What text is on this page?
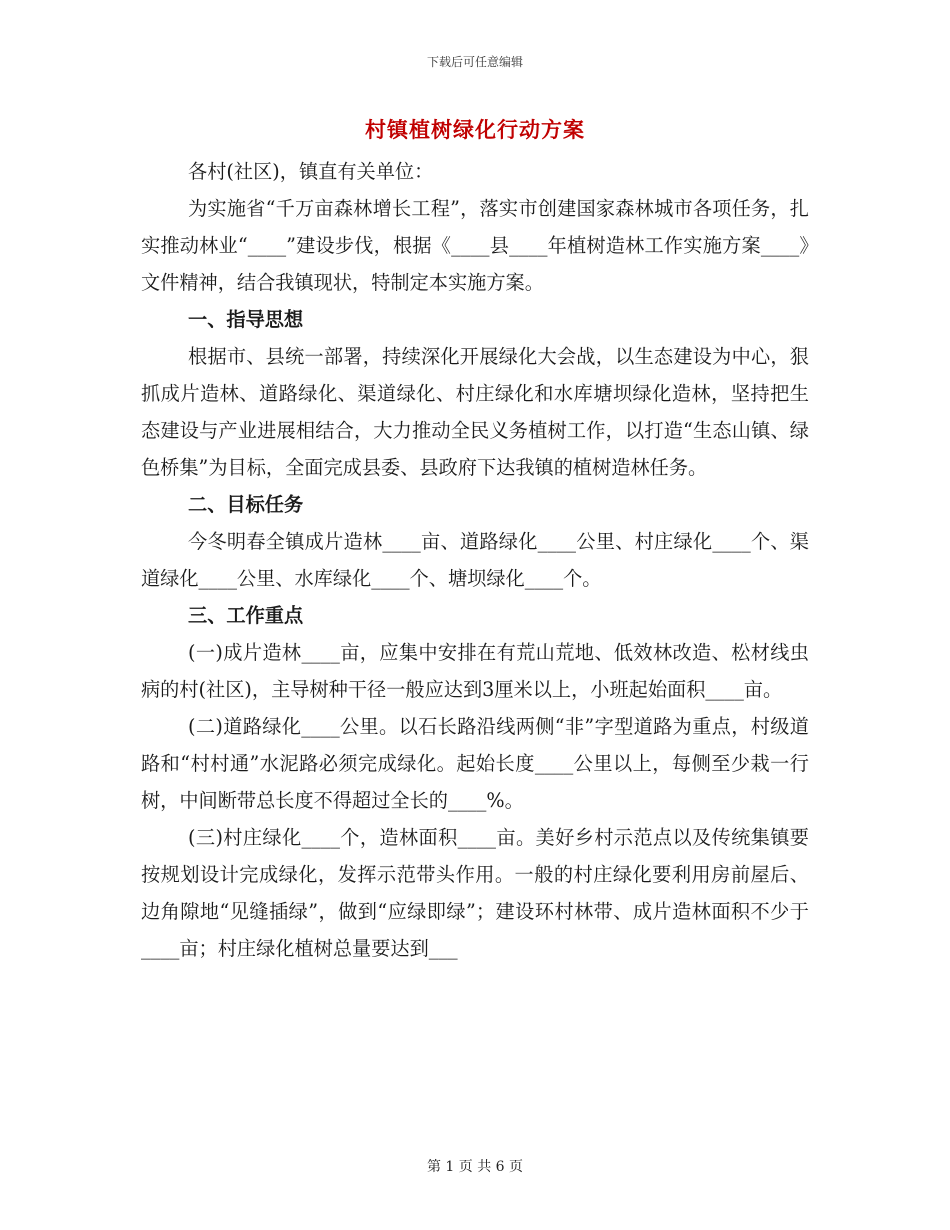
下载后可任意编辑
村镇植树绿化行动方案

各村(社区)，镇直有关单位：

为实施省“千万亩森林增长工程”，落实市创建国家森林城市各项任务，扎实推动林业“____”建设步伐，根据《____县____年植树造林工作实施方案____》文件精神，结合我镇现状，特制定本实施方案。

一、指导思想

根据市、县统一部署，持续深化开展绿化大会战，以生态建设为中心，狠抓成片造林、道路绿化、渠道绿化、村庄绿化和水库塘坝绿化造林，坚持把生态建设与产业进展相结合，大力推动全民义务植树工作，以打造“生态山镇、绿色桥集”为目标，全面完成县委、县政府下达我镇的植树造林任务。

二、目标任务

今冬明春全镇成片造林____亩、道路绿化____公里、村庄绿化____个、渠道绿化____公里、水库绿化____个、塘坝绿化____个。

三、工作重点

(一)成片造林____亩，应集中安排在有荒山荒地、低效林改造、松材线虫病的村(社区)，主导树种干径一般应达到3厘米以上，小班起始面积____亩。

(二)道路绿化____公里。以石长路沿线两侧“非”字型道路为重点，村级道路和“村村通”水泥路必须完成绿化。起始长度____公里以上，每侧至少栽一行树，中间断带总长度不得超过全长的____%。

(三)村庄绿化____个，造林面积____亩。美好乡村示范点以及传统集镇要按规划设计完成绿化，发挥示范带头作用。一般的村庄绿化要利用房前屋后、边角隙地“见缝插绿”，做到“应绿即绿”；建设环村林带、成片造林面积不少于____亩；村庄绿化植树总量要达到___

第 1 页 共 6 页
